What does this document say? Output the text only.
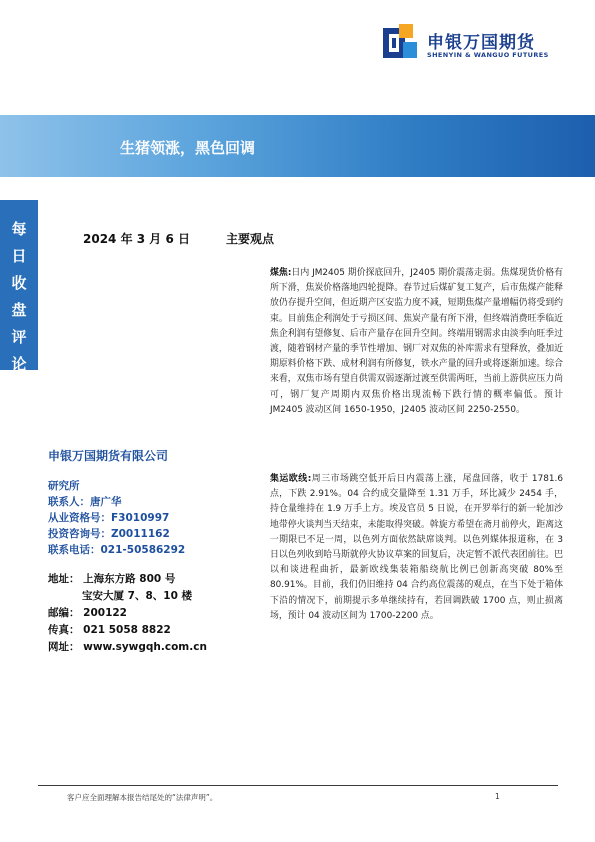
申银万国期货
SHENYIN & WANGUO FUTURES
生猪领涨，黑色回调
每
日
收
盘
评
论
2024 年 3 月 6 日	主要观点
申银万国期货有限公司
研究所
联系人：唐广华
从业资格号：F3010997
投资咨询号：Z0011162
联系电话：021-50586292
地址： 上海东方路 800 号
宝安大厦 7、8、10 楼
邮编： 200122
传真： 021 5058 8822
网址： www.sywgqh.com.cn

煤焦:日内 JM2405 期价探底回升，J2405 期价震荡走弱。焦煤现货价格有所下滑，焦炭价格落地四轮提降。春节过后煤矿复工复产，后市焦煤产能释放仍存提升空间，但近期产区安监力度不减，短期焦煤产量增幅仍将受到约束。目前焦企利润处于亏损区间、焦炭产量有所下滑，但终端消费旺季临近焦企利润有望修复、后市产量存在回升空间。终端用钢需求由淡季向旺季过渡，随着钢材产量的季节性增加、钢厂对双焦的补库需求有望释放，叠加近期原料价格下跌、成材利润有所修复，铁水产量的回升或将逐渐加速。综合来看，双焦市场有望自供需双弱逐渐过渡至供需两旺，当前上游供应压力尚可，钢厂复产周期内双焦价格出现流畅下跌行情的概率偏低。预计 JM2405 波动区间 1650-1950，J2405 波动区间 2250-2550。

集运欧线:周三市场跳空低开后日内震荡上涨，尾盘回落，收于 1781.6 点，下跌 2.91%。04 合约成交量降至 1.31 万手，环比减少 2454 手，持仓量维持在 1.9 万手上方。埃及官员 5 日说，在开罗举行的新一轮加沙地带停火谈判当天结束，未能取得突破。斡旋方希望在斋月前停火，距离这一期限已不足一周，以色列方面依然缺席谈判。以色列媒体报道称，在 3 日以色列收到哈马斯就停火协议草案的回复后，决定暂不派代表团前往。巴以和谈进程曲折，最新欧线集装箱船绕航比例已创新高突破 80%至 80.91%。目前，我们仍旧维持 04 合约高位震荡的观点，在当下处于箱体下沿的情况下，前期提示多单继续持有，若回调跌破 1700 点，则止损离场，预计 04 波动区间为 1700-2200 点。

客户应全面理解本报告结尾处的“法律声明”。	1
